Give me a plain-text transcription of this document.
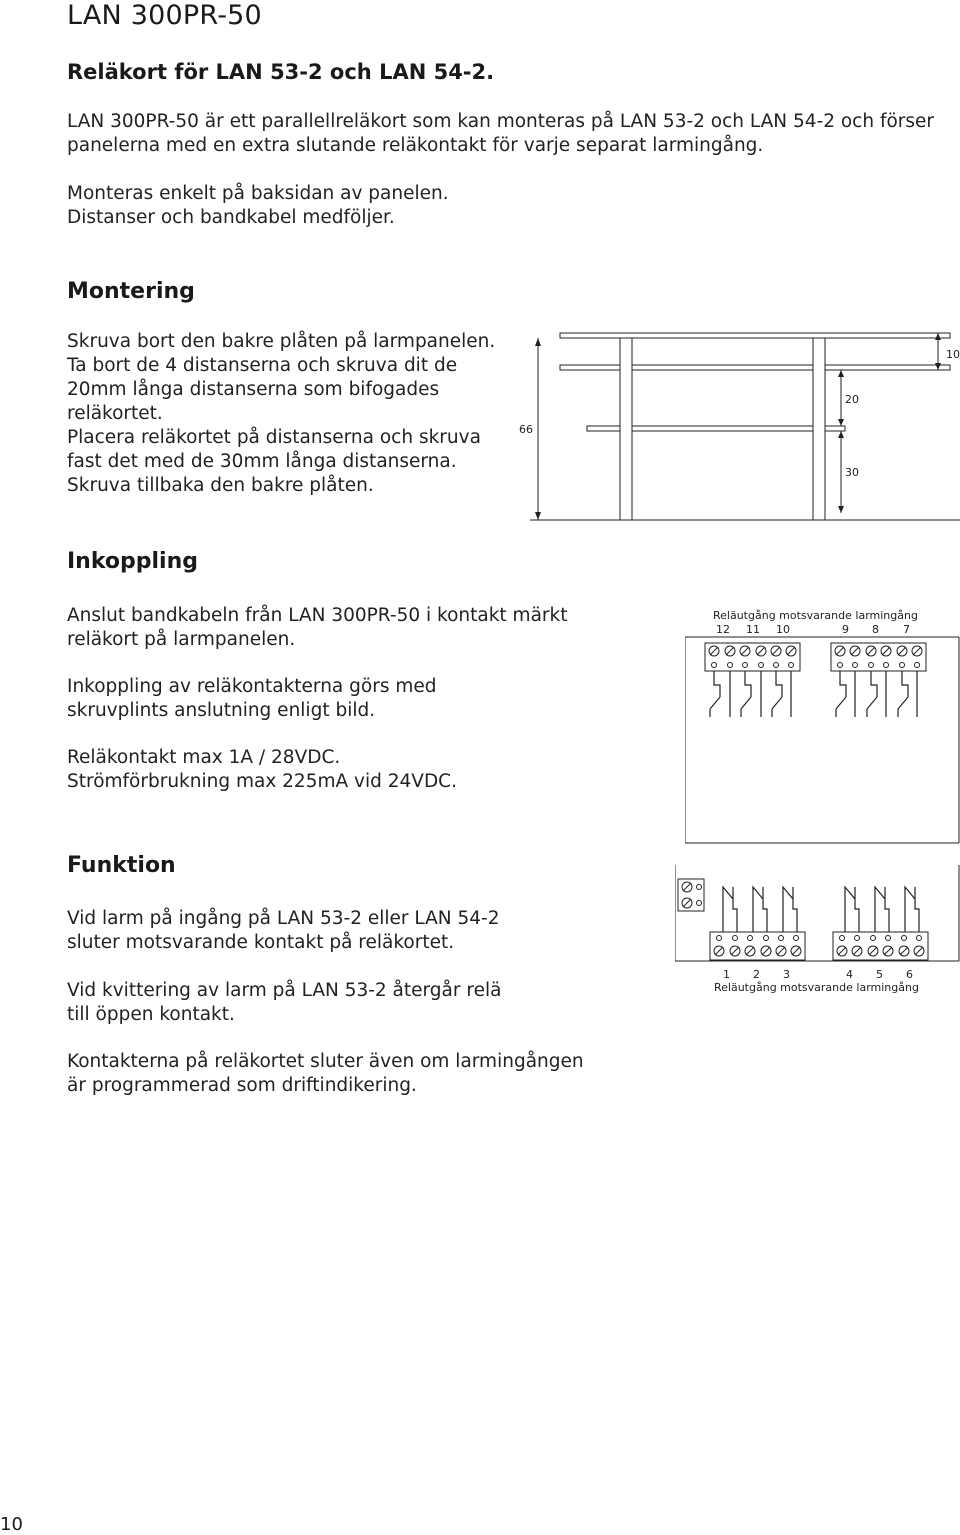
LAN 300PR-50
Reläkort för LAN 53-2 och LAN 54-2.

LAN 300PR-50 är ett parallellreläkort som kan monteras på LAN 53-2 och LAN 54-2 och förser
panelerna med en extra slutande reläkontakt för varje separat larmingång.

Monteras enkelt på baksidan av panelen.
Distanser och bandkabel medföljer.

Montering

Skruva bort den bakre plåten på larmpanelen.
Ta bort de 4 distanserna och skruva dit de
20mm långa distanserna som bifogades
reläkortet.
Placera reläkortet på distanserna och skruva
fast det med de 30mm långa distanserna.
Skruva tillbaka den bakre plåten.

66
10
20
30
Inkoppling

Anslut bandkabeln från LAN 300PR-50 i kontakt märkt
reläkort på larmpanelen.

Inkoppling av reläkontakterna görs med
skruvplints anslutning enligt bild.

Reläkontakt max 1A / 28VDC.
Strömförbrukning max 225mA vid 24VDC.

Reläutgång motsvarande larmingång
12 11 10	9 8 7
Funktion

Vid larm på ingång på LAN 53-2 eller LAN 54-2
sluter motsvarande kontakt på reläkortet.

Vid kvittering av larm på LAN 53-2 återgår relä
till öppen kontakt.

Kontakterna på reläkortet sluter även om larmingången
är programmerad som driftindikering.

1 2 3	4 5 6
Reläutgång motsvarande larmingång
10
